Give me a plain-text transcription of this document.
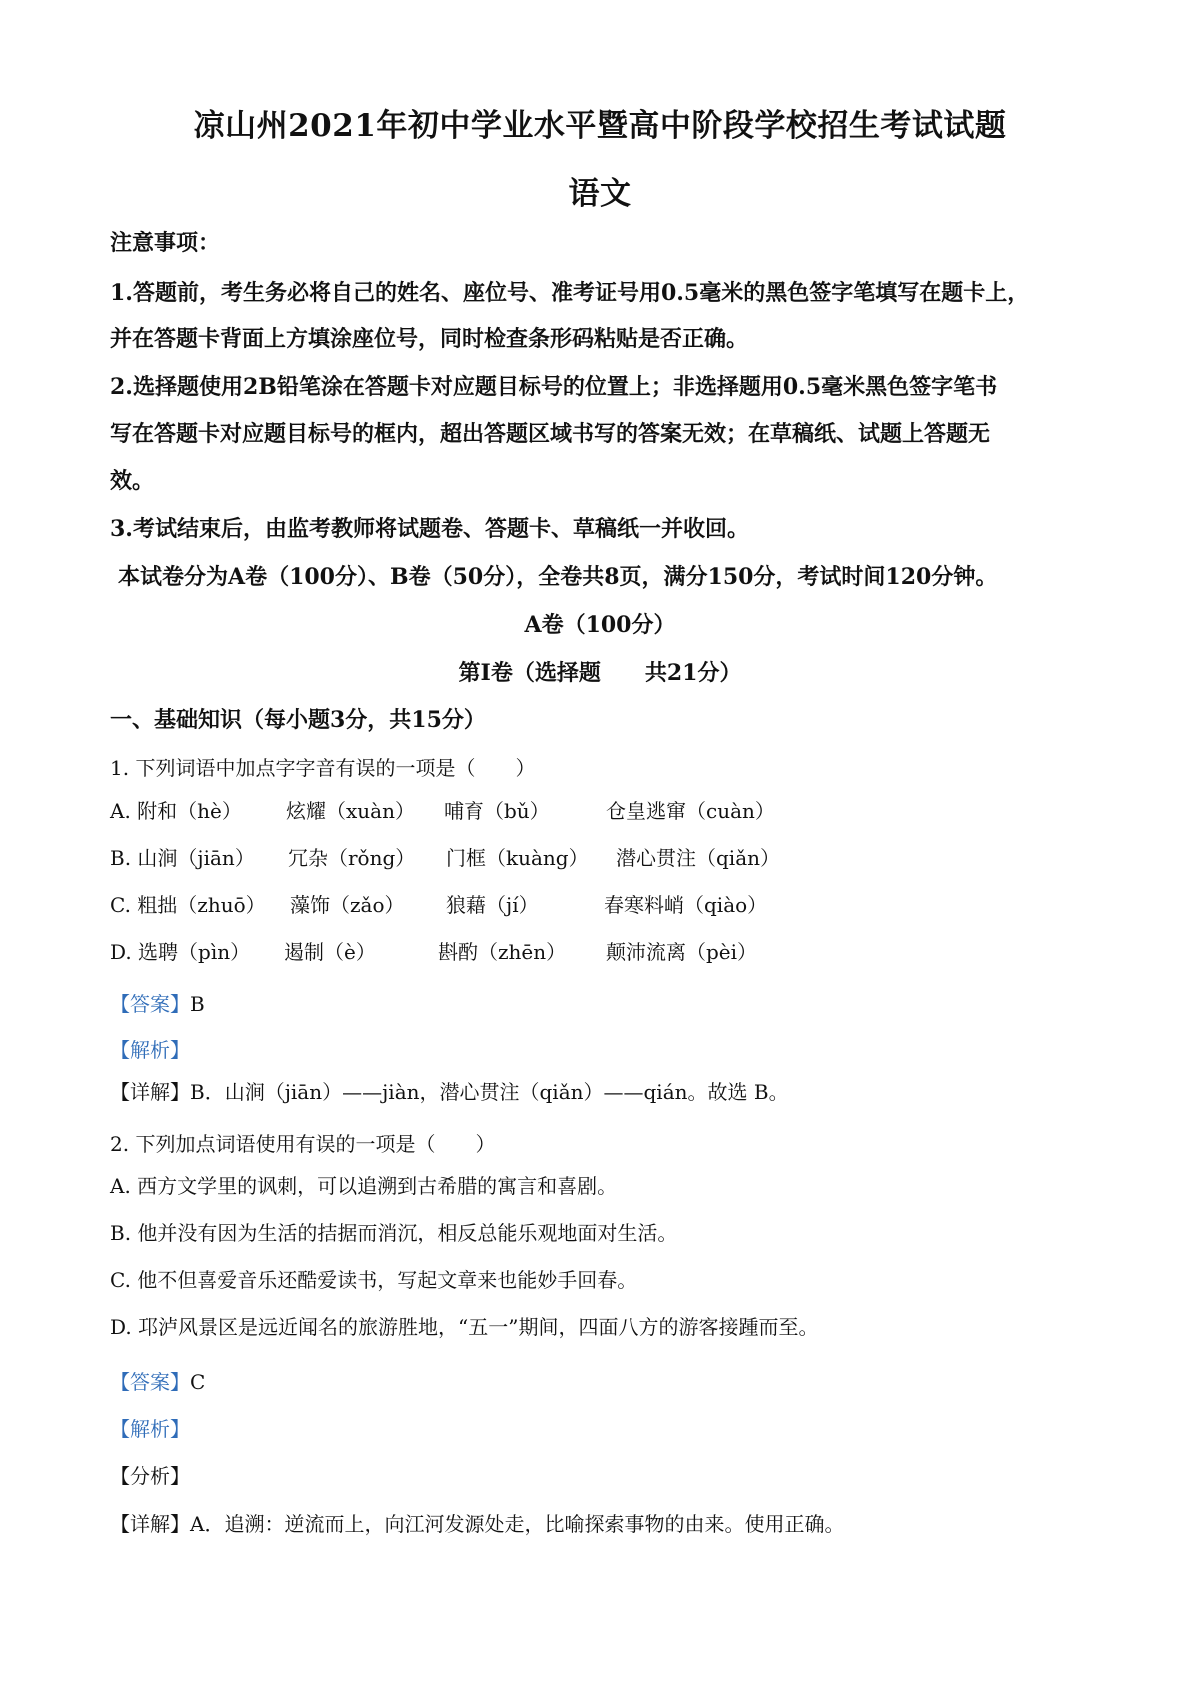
凉山州2021年初中学业水平暨高中阶段学校招生考试试题
语文
注意事项：
1.答题前，考生务必将自己的姓名、座位号、准考证号用0.5毫米的黑色签字笔填写在题卡上，
并在答题卡背面上方填涂座位号，同时检查条形码粘贴是否正确。
2.选择题使用2B铅笔涂在答题卡对应题目标号的位置上；非选择题用0.5毫米黑色签字笔书
写在答题卡对应题目标号的框内，超出答题区域书写的答案无效；在草稿纸、试题上答题无
效。
3.考试结束后，由监考教师将试题卷、答题卡、草稿纸一并收回。
本试卷分为A卷（100分）、B卷（50分），全卷共8页，满分150分，考试时间120分钟。
A卷（100分）
第Ⅰ卷（选择题　　共21分）
一、基础知识（每小题3分，共15分）
1. 下列词语中加点字字音有误的一项是（　　）
A. 附和（hè） 炫耀（xuàn） 哺育（bǔ）	仓皇逃窜（cuàn）
B. 山涧（jiān） 冗杂（rǒng） 门框（kuàng） 潜心贯注（qiǎn）
C. 粗拙（zhuō） 藻饰（zǎo） 狼藉（jí）	春寒料峭（qiào）
D. 选聘（pìn） 遏制（è）	斟酌（zhēn） 颠沛流离（pèi）
【答案】B
【解析】
【详解】B．山涧（jiān）——jiàn，潜心贯注（qiǎn）——qián。故选 B。
2. 下列加点词语使用有误的一项是（　　）
A. 西方文学里的讽刺，可以追溯到古希腊的寓言和喜剧。
B. 他并没有因为生活的拮据而消沉，相反总能乐观地面对生活。
C. 他不但喜爱音乐还酷爱读书，写起文章来也能妙手回春。
D. 邛泸风景区是远近闻名的旅游胜地，“五一”期间，四面八方的游客接踵而至。
【答案】C
【解析】
【分析】
【详解】A．追溯：逆流而上，向江河发源处走，比喻探索事物的由来。使用正确。
